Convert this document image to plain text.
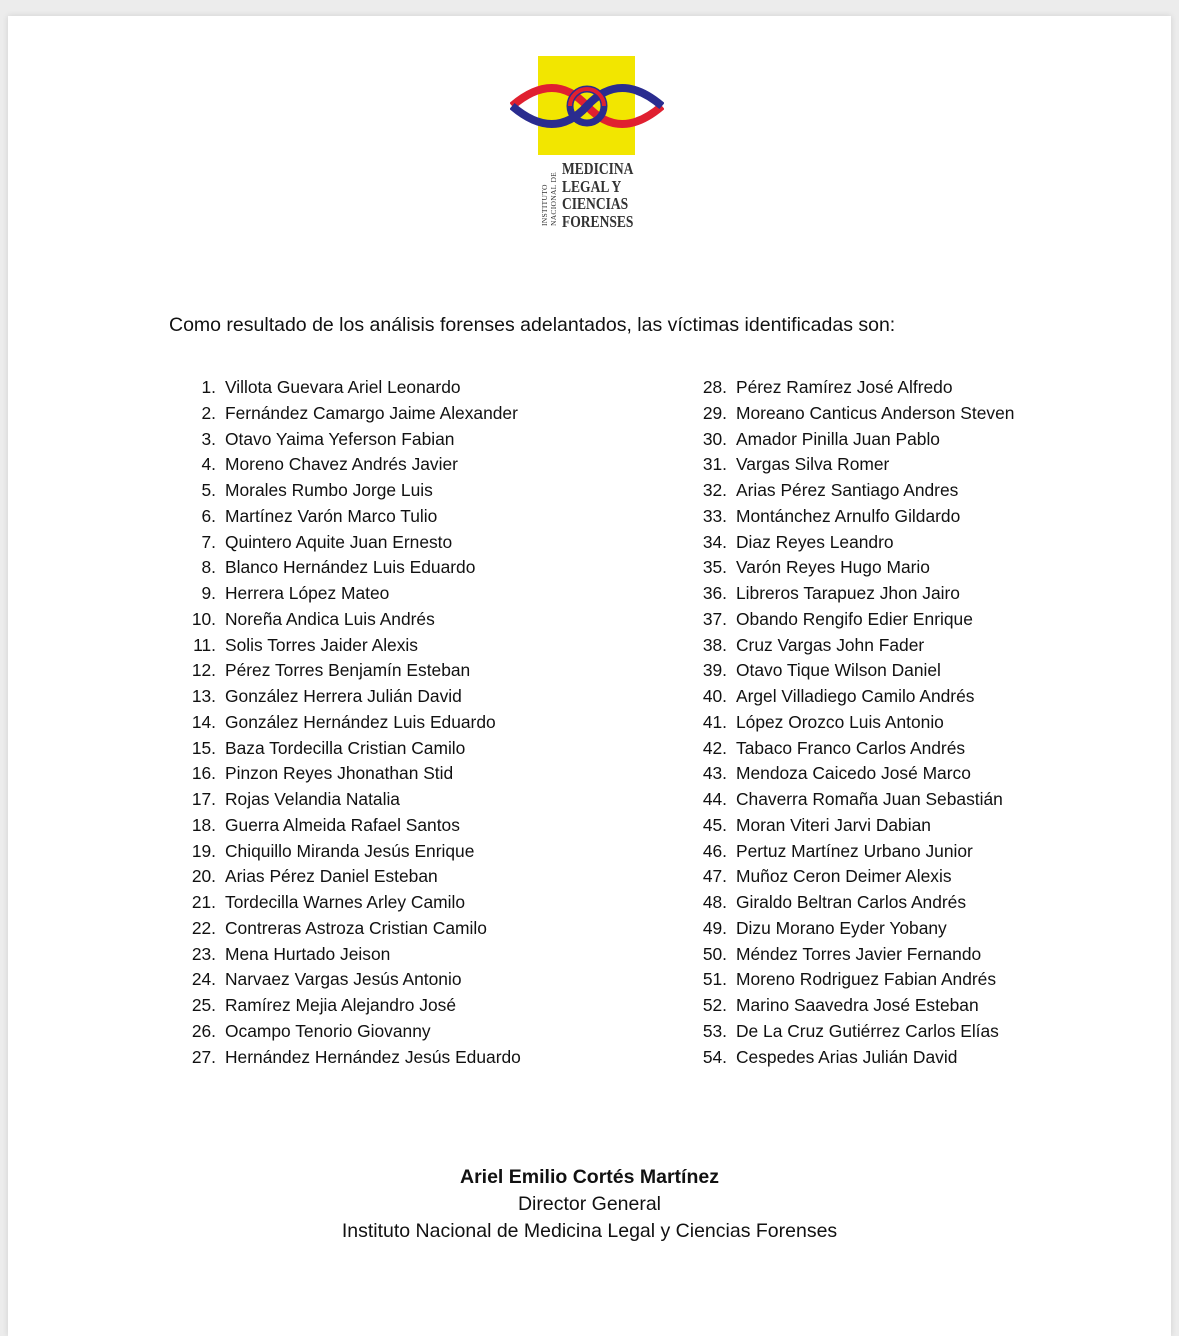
INSTITUTO NACIONAL DE
MEDICINA
LEGAL Y
CIENCIAS
FORENSES
Como resultado de los análisis forenses adelantados, las víctimas identificadas son:
1. Villota Guevara Ariel Leonardo
2. Fernández Camargo Jaime Alexander
3. Otavo Yaima Yeferson Fabian
4. Moreno Chavez Andrés Javier
5. Morales Rumbo Jorge Luis
6. Martínez Varón Marco Tulio
7. Quintero Aquite Juan Ernesto
8. Blanco Hernández Luis Eduardo
9. Herrera López Mateo
10. Noreña Andica Luis Andrés
11. Solis Torres Jaider Alexis
12. Pérez Torres Benjamín Esteban
13. González Herrera Julián David
14. González Hernández Luis Eduardo
15. Baza Tordecilla Cristian Camilo
16. Pinzon Reyes Jhonathan Stid
17. Rojas Velandia Natalia
18. Guerra Almeida Rafael Santos
19. Chiquillo Miranda Jesús Enrique
20. Arias Pérez Daniel Esteban
21. Tordecilla Warnes Arley Camilo
22. Contreras Astroza Cristian Camilo
23. Mena Hurtado Jeison
24. Narvaez Vargas Jesús Antonio
25. Ramírez Mejia Alejandro José
26. Ocampo Tenorio Giovanny
27. Hernández Hernández Jesús Eduardo
28. Pérez Ramírez José Alfredo
29. Moreano Canticus Anderson Steven
30. Amador Pinilla Juan Pablo
31. Vargas Silva Romer
32. Arias Pérez Santiago Andres
33. Montánchez Arnulfo Gildardo
34. Diaz Reyes Leandro
35. Varón Reyes Hugo Mario
36. Libreros Tarapuez Jhon Jairo
37. Obando Rengifo Edier Enrique
38. Cruz Vargas John Fader
39. Otavo Tique Wilson Daniel
40. Argel Villadiego Camilo Andrés
41. López Orozco Luis Antonio
42. Tabaco Franco Carlos Andrés
43. Mendoza Caicedo José Marco
44. Chaverra Romaña Juan Sebastián
45. Moran Viteri Jarvi Dabian
46. Pertuz Martínez Urbano Junior
47. Muñoz Ceron Deimer Alexis
48. Giraldo Beltran Carlos Andrés
49. Dizu Morano Eyder Yobany
50. Méndez Torres Javier Fernando
51. Moreno Rodriguez Fabian Andrés
52. Marino Saavedra José Esteban
53. De La Cruz Gutiérrez Carlos Elías
54. Cespedes Arias Julián David
Ariel Emilio Cortés Martínez
Director General
Instituto Nacional de Medicina Legal y Ciencias Forenses
